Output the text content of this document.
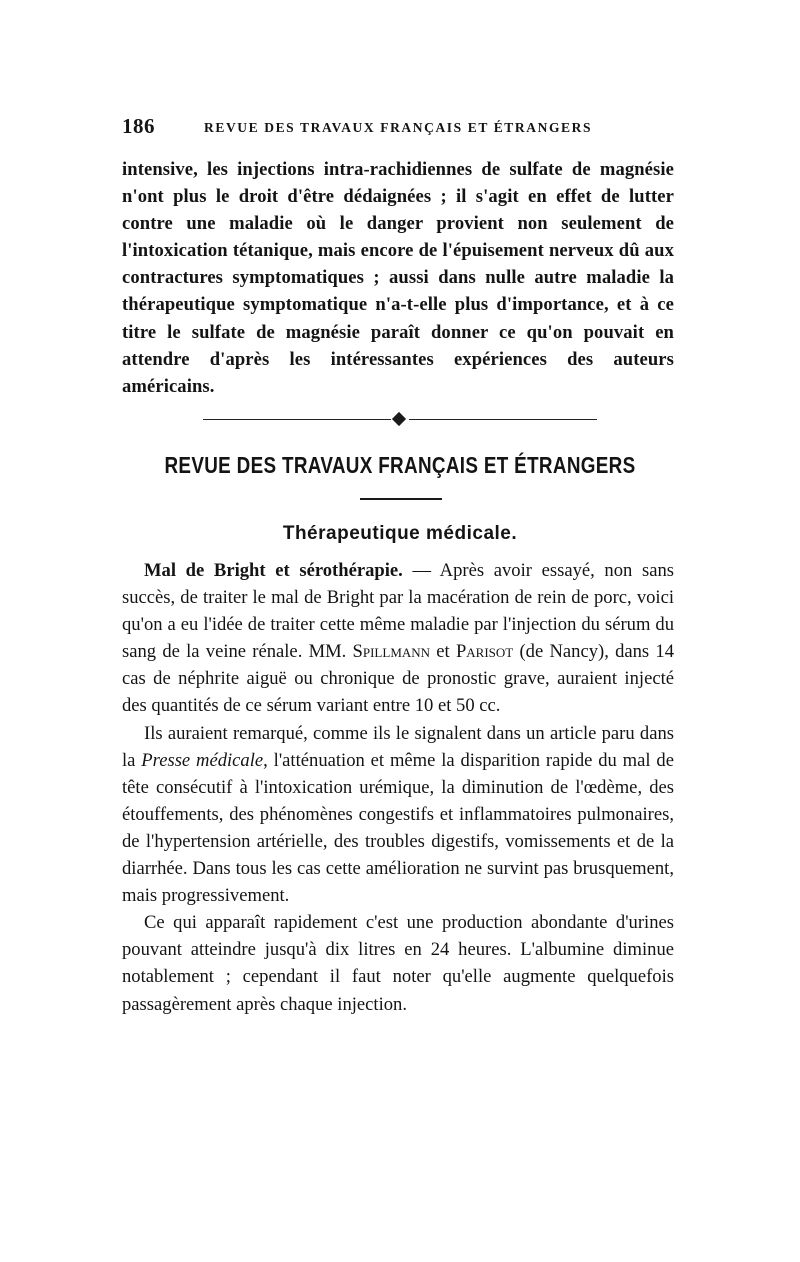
186	REVUE DES TRAVAUX FRANÇAIS ET ÉTRANGERS

intensive, les injections intra-rachidiennes de sulfate de magnésie n'ont plus le droit d'être dédaignées ; il s'agit en effet de lutter contre une maladie où le danger provient non seulement de l'intoxication tétanique, mais encore de l'épuisement nerveux dû aux contractures symptomatiques ; aussi dans nulle autre maladie la thérapeutique symptomatique n'a-t-elle plus d'importance, et à ce titre le sulfate de magnésie paraît donner ce qu'on pouvait en attendre d'après les intéressantes expériences des auteurs américains.

REVUE DES TRAVAUX FRANÇAIS ET ÉTRANGERS
Thérapeutique médicale.

Mal de Bright et sérothérapie. — Après avoir essayé, non sans succès, de traiter le mal de Bright par la macération de rein de porc, voici qu'on a eu l'idée de traiter cette même maladie par l'injection du sérum du sang de la veine rénale. MM. Spillmann et Parisot (de Nancy), dans 14 cas de néphrite aiguë ou chronique de pronostic grave, auraient injecté des quantités de ce sérum variant entre 10 et 50 cc.

Ils auraient remarqué, comme ils le signalent dans un article paru dans la Presse médicale, l'atténuation et même la disparition rapide du mal de tête consécutif à l'intoxication urémique, la diminution de l'œdème, des étouffements, des phénomènes congestifs et inflammatoires pulmonaires, de l'hypertension artérielle, des troubles digestifs, vomissements et de la diarrhée. Dans tous les cas cette amélioration ne survint pas brusquement, mais progressivement.

Ce qui apparaît rapidement c'est une production abondante d'urines pouvant atteindre jusqu'à dix litres en 24 heures. L'albumine diminue notablement ; cependant il faut noter qu'elle augmente quelquefois passagèrement après chaque injection.
